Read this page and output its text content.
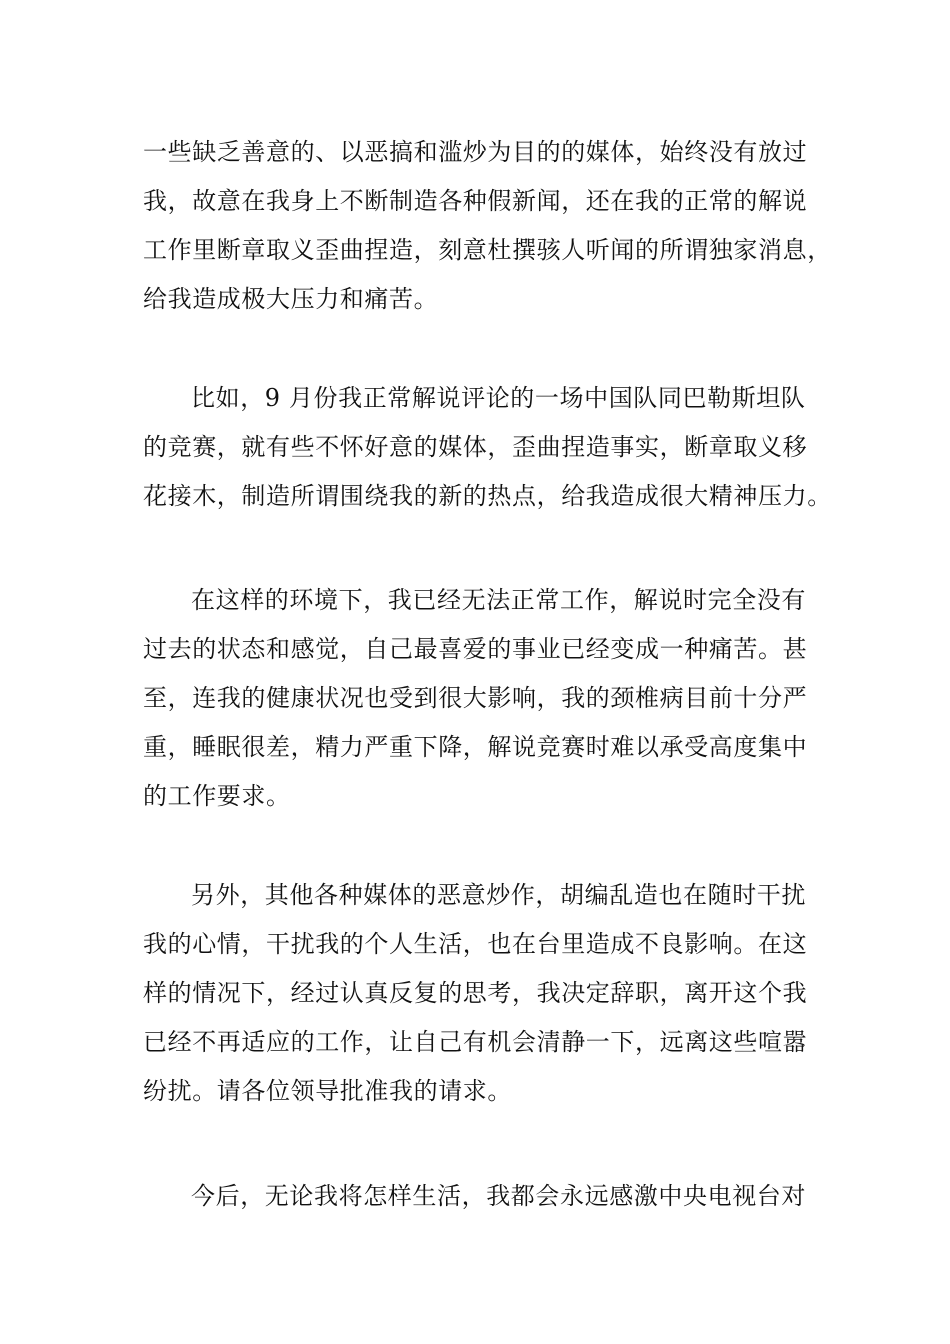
一些缺乏善意的、以恶搞和滥炒为目的的媒体，始终没有放过
我，故意在我身上不断制造各种假新闻，还在我的正常的解说
工作里断章取义歪曲捏造，刻意杜撰骇人听闻的所谓独家消息，
给我造成极大压力和痛苦。
比如，9 月份我正常解说评论的一场中国队同巴勒斯坦队
的竞赛，就有些不怀好意的媒体，歪曲捏造事实，断章取义移
花接木，制造所谓围绕我的新的热点，给我造成很大精神压力。
在这样的环境下，我已经无法正常工作，解说时完全没有
过去的状态和感觉，自己最喜爱的事业已经变成一种痛苦。甚
至，连我的健康状况也受到很大影响，我的颈椎病目前十分严
重，睡眠很差，精力严重下降，解说竞赛时难以承受高度集中
的工作要求。
另外，其他各种媒体的恶意炒作，胡编乱造也在随时干扰
我的心情，干扰我的个人生活，也在台里造成不良影响。在这
样的情况下，经过认真反复的思考，我决定辞职，离开这个我
已经不再适应的工作，让自己有机会清静一下，远离这些喧嚣
纷扰。请各位领导批准我的请求。
今后，无论我将怎样生活，我都会永远感激中央电视台对
